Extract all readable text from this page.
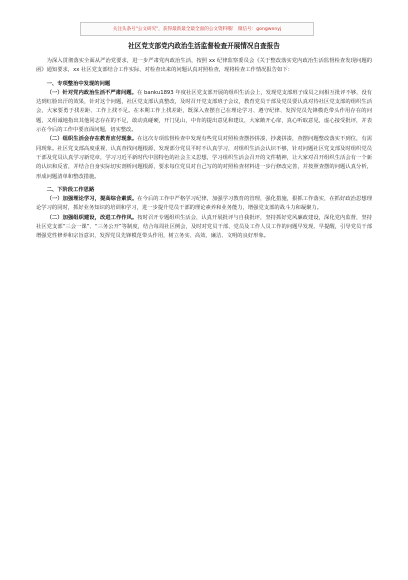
关注头条号"公文研究"，获得最新最全最全面的公文资料哦！ 微信号： gongwenyj
社区党支部党内政治生活监督检查开展情况自查报告

为深入贯彻落实全面从严治党要求，进一步严肃党内政治生活，按照 xx 纪律监察委员会《关于整改落实党内政治生活监督检查发现问题的函》通知要求，xx 社区党支部结合工作实际，对检查出来的问题认真对照检查，现将检查工作情况报告如下：

一、专项整治中发现的问题

（一）针对党内政治生活不严肃问题。在 banku1893 年度社区党支部开展的组织生活会上，发现党支部班子成员之间相互批评不够，没有达到红脸出汗的效果，针对这个问题，社区党支部认真整改，及时召开党支部班子会议，教育党员干部及党员要认真对待社区党支部的组织生活会，大家要勇于找差距、工作上找不足。在本期工作上找差距，既深入查摆自己在理论学习、遵守纪律、发挥党员先锋模范带头作用存在的问题，又组诚地指出其他同志存在的不足，敢动真碰硬，开门见山，中肯的提出意见和建议，大家敞开心扉，真心听取意见，虚心接受批评，并表示在今后的工作中要直面问题，切实整改。

（二）组织生活会存在教育应付现象。在这次专项监督检查中发现有些党员对照检查摆抄拼凑，抄袭拼凑，查摆问题整改落实不到位，有需同现象。社区党支部高度重视，认真查找问题根源，发现部分党员平时不认真学习，对组织生活会认识不够，针对问题社区党支部及时组织党员干部及党员认真学习新党章，学习习近平新时代中国特色的社会主义思想，学习组织生活会召开的文件精神，让大家对召开组织生活会有一个新的认识和反省，并结合自身实际切实剖析问题根源，要求每位党员对自己写的的对照检查材料进一步行修改完善，并按照查摆的问题认真分析，形成问题清单和整改措施。

二、下阶段工作思路

（一）加强理论学习，提高综合素质。在今后的工作中严格学习纪律，加强学习教育的管理，强化措施，狠抓工作落实，在抓好政治思想理论学习的同时，抓好业务知识的培训和学习，进一步提升党员干部的理论素养和业务能力，增强党支部的战斗力和凝聚力。

（二）加强组织建设，改进工作作风。按时召开专题组织生活会，认真开展批评与自我批评，坚持抓好党风廉政建设，深化党内监督，坚持社区党支部“三会一课”、“三务公开”等制度，结合每周社区例会，及时对党员干部、党员及工作人员工作的问题早发现、早提醒，引导党员干部增强党性修养和宗旨意识，发挥党员先锋模范带头作用，树立务实、高效、廉洁、文明的良好形象。
